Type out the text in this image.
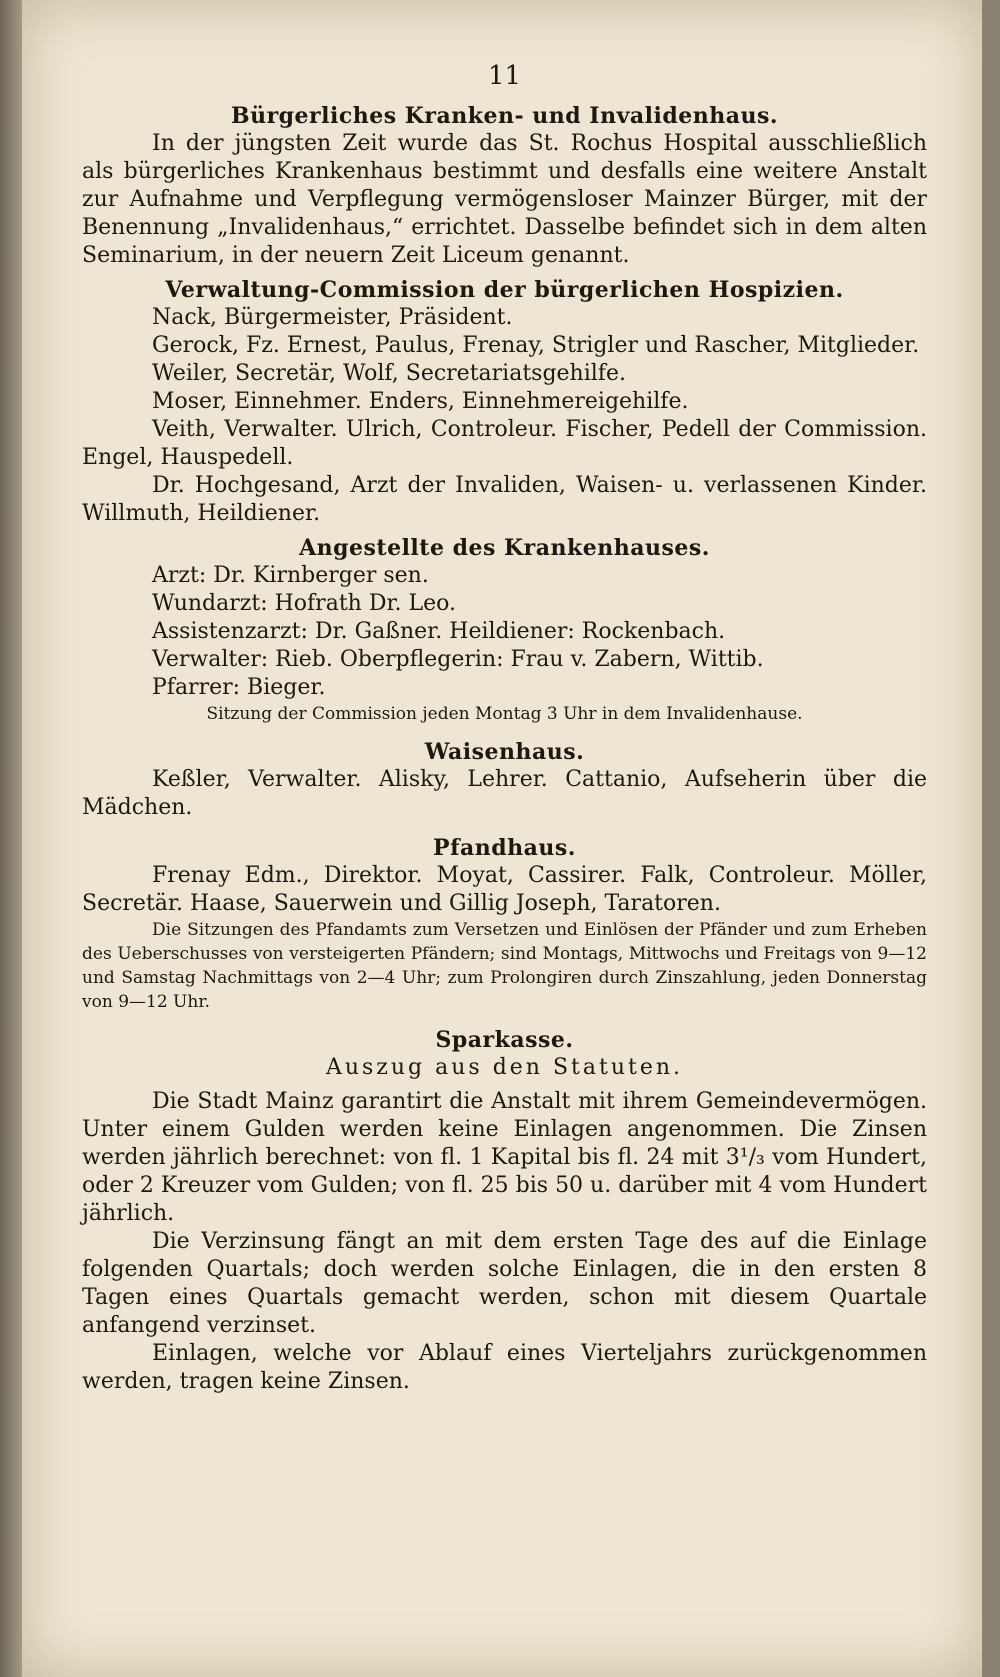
11
Bürgerliches Kranken- und Invalidenhaus.

In der jüngsten Zeit wurde das St. Rochus Hospital ausschließlich als bürgerliches Krankenhaus bestimmt und desfalls eine weitere Anstalt zur Aufnahme und Verpflegung vermögensloser Mainzer Bürger, mit der Benennung „Invalidenhaus,“ errichtet. Dasselbe befindet sich in dem alten Seminarium, in der neuern Zeit Liceum genannt.

Verwaltung-Commission der bürgerlichen Hospizien.

Nack, Bürgermeister, Präsident.

Gerock, Fz. Ernest, Paulus, Frenay, Strigler und Rascher, Mitglieder.

Weiler, Secretär, Wolf, Secretariatsgehilfe.

Moser, Einnehmer. Enders, Einnehmereigehilfe.

Veith, Verwalter. Ulrich, Controleur. Fischer, Pedell der Commission. Engel, Hauspedell.

Dr. Hochgesand, Arzt der Invaliden, Waisen- u. verlassenen Kinder. Willmuth, Heildiener.

Angestellte des Krankenhauses.

Arzt: Dr. Kirnberger sen.

Wundarzt: Hofrath Dr. Leo.

Assistenzarzt: Dr. Gaßner. Heildiener: Rockenbach.

Verwalter: Rieb. Oberpflegerin: Frau v. Zabern, Wittib.

Pfarrer: Bieger.

Sitzung der Commission jeden Montag 3 Uhr in dem Invalidenhause.

Waisenhaus.

Keßler, Verwalter. Alisky, Lehrer. Cattanio, Aufseherin über die Mädchen.

Pfandhaus.

Frenay Edm., Direktor. Moyat, Cassirer. Falk, Controleur. Möller, Secretär. Haase, Sauerwein und Gillig Joseph, Taratoren.

Die Sitzungen des Pfandamts zum Versetzen und Einlösen der Pfänder und zum Erheben des Ueberschusses von versteigerten Pfändern; sind Montags, Mittwochs und Freitags von 9—12 und Samstag Nachmittags von 2—4 Uhr; zum Prolongiren durch Zinszahlung, jeden Donnerstag von 9—12 Uhr.

Sparkasse.

Auszug aus den Statuten.

Die Stadt Mainz garantirt die Anstalt mit ihrem Gemeindevermögen. Unter einem Gulden werden keine Einlagen angenommen. Die Zinsen werden jährlich berechnet: von fl. 1 Kapital bis fl. 24 mit 3¹/₃ vom Hundert, oder 2 Kreuzer vom Gulden; von fl. 25 bis 50 u. darüber mit 4 vom Hundert jährlich.

Die Verzinsung fängt an mit dem ersten Tage des auf die Einlage folgenden Quartals; doch werden solche Einlagen, die in den ersten 8 Tagen eines Quartals gemacht werden, schon mit diesem Quartale anfangend verzinset.

Einlagen, welche vor Ablauf eines Vierteljahrs zurückgenommen werden, tragen keine Zinsen.
